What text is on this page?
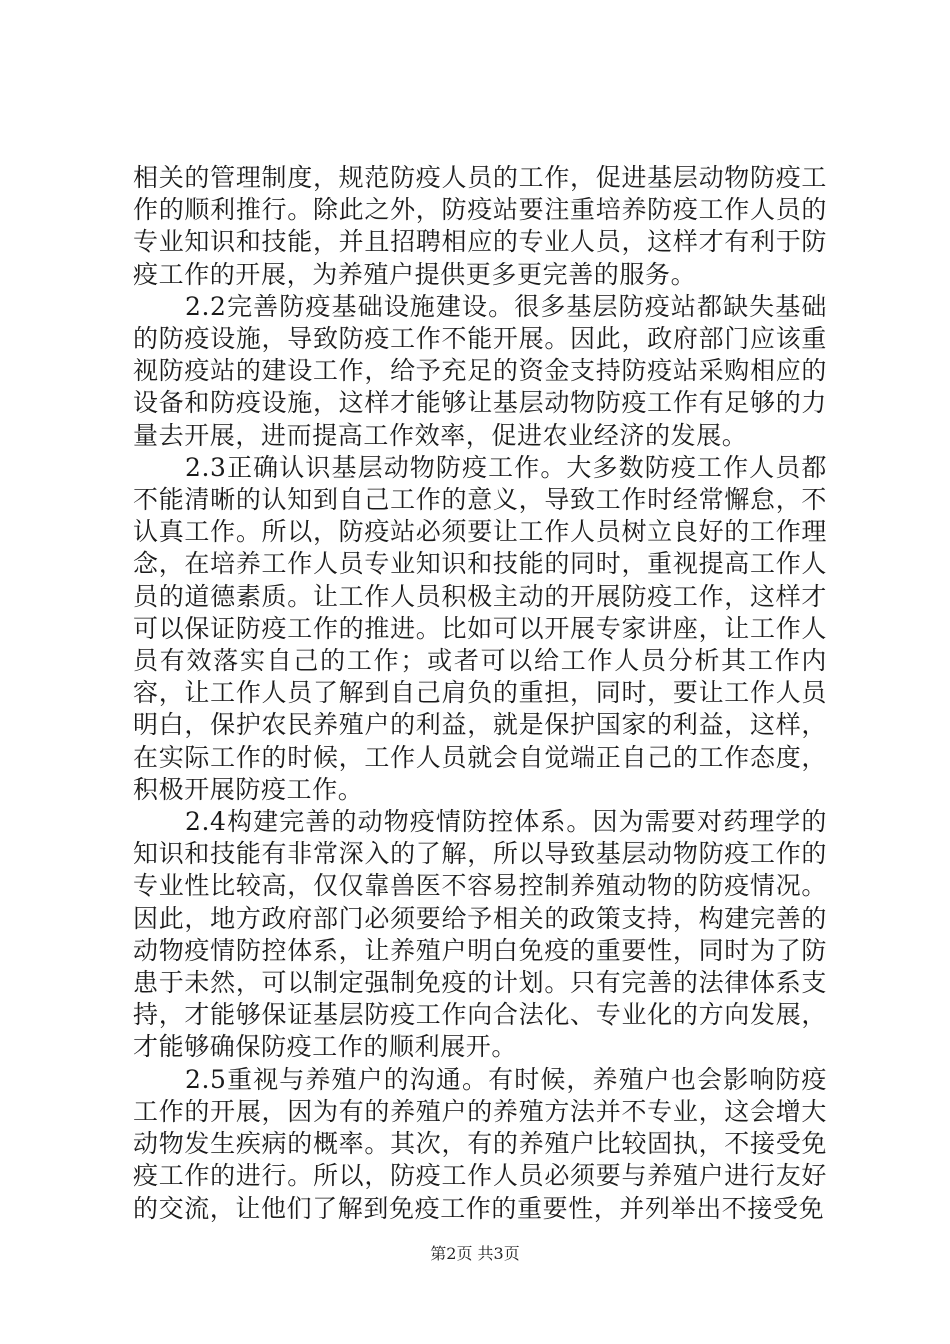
相关的管理制度，规范防疫人员的工作，促进基层动物防疫工作的顺利推行。除此之外，防疫站要注重培养防疫工作人员的专业知识和技能，并且招聘相应的专业人员，这样才有利于防疫工作的开展，为养殖户提供更多更完善的服务。

2.2完善防疫基础设施建设。很多基层防疫站都缺失基础的防疫设施，导致防疫工作不能开展。因此，政府部门应该重视防疫站的建设工作，给予充足的资金支持防疫站采购相应的设备和防疫设施，这样才能够让基层动物防疫工作有足够的力量去开展，进而提高工作效率，促进农业经济的发展。

2.3正确认识基层动物防疫工作。大多数防疫工作人员都不能清晰的认知到自己工作的意义，导致工作时经常懈怠，不认真工作。所以，防疫站必须要让工作人员树立良好的工作理念，在培养工作人员专业知识和技能的同时，重视提高工作人员的道德素质。让工作人员积极主动的开展防疫工作，这样才可以保证防疫工作的推进。比如可以开展专家讲座，让工作人员有效落实自己的工作；或者可以给工作人员分析其工作内容，让工作人员了解到自己肩负的重担，同时，要让工作人员明白，保护农民养殖户的利益，就是保护国家的利益，这样，在实际工作的时候，工作人员就会自觉端正自己的工作态度，积极开展防疫工作。

2.4构建完善的动物疫情防控体系。因为需要对药理学的知识和技能有非常深入的了解，所以导致基层动物防疫工作的专业性比较高，仅仅靠兽医不容易控制养殖动物的防疫情况。因此，地方政府部门必须要给予相关的政策支持，构建完善的动物疫情防控体系，让养殖户明白免疫的重要性，同时为了防患于未然，可以制定强制免疫的计划。只有完善的法律体系支持，才能够保证基层防疫工作向合法化、专业化的方向发展，才能够确保防疫工作的顺利展开。

2.5重视与养殖户的沟通。有时候，养殖户也会影响防疫工作的开展，因为有的养殖户的养殖方法并不专业，这会增大动物发生疾病的概率。其次，有的养殖户比较固执，不接受免疫工作的进行。所以，防疫工作人员必须要与养殖户进行友好的交流，让他们了解到免疫工作的重要性，并列举出不接受免

第2页 共3页
